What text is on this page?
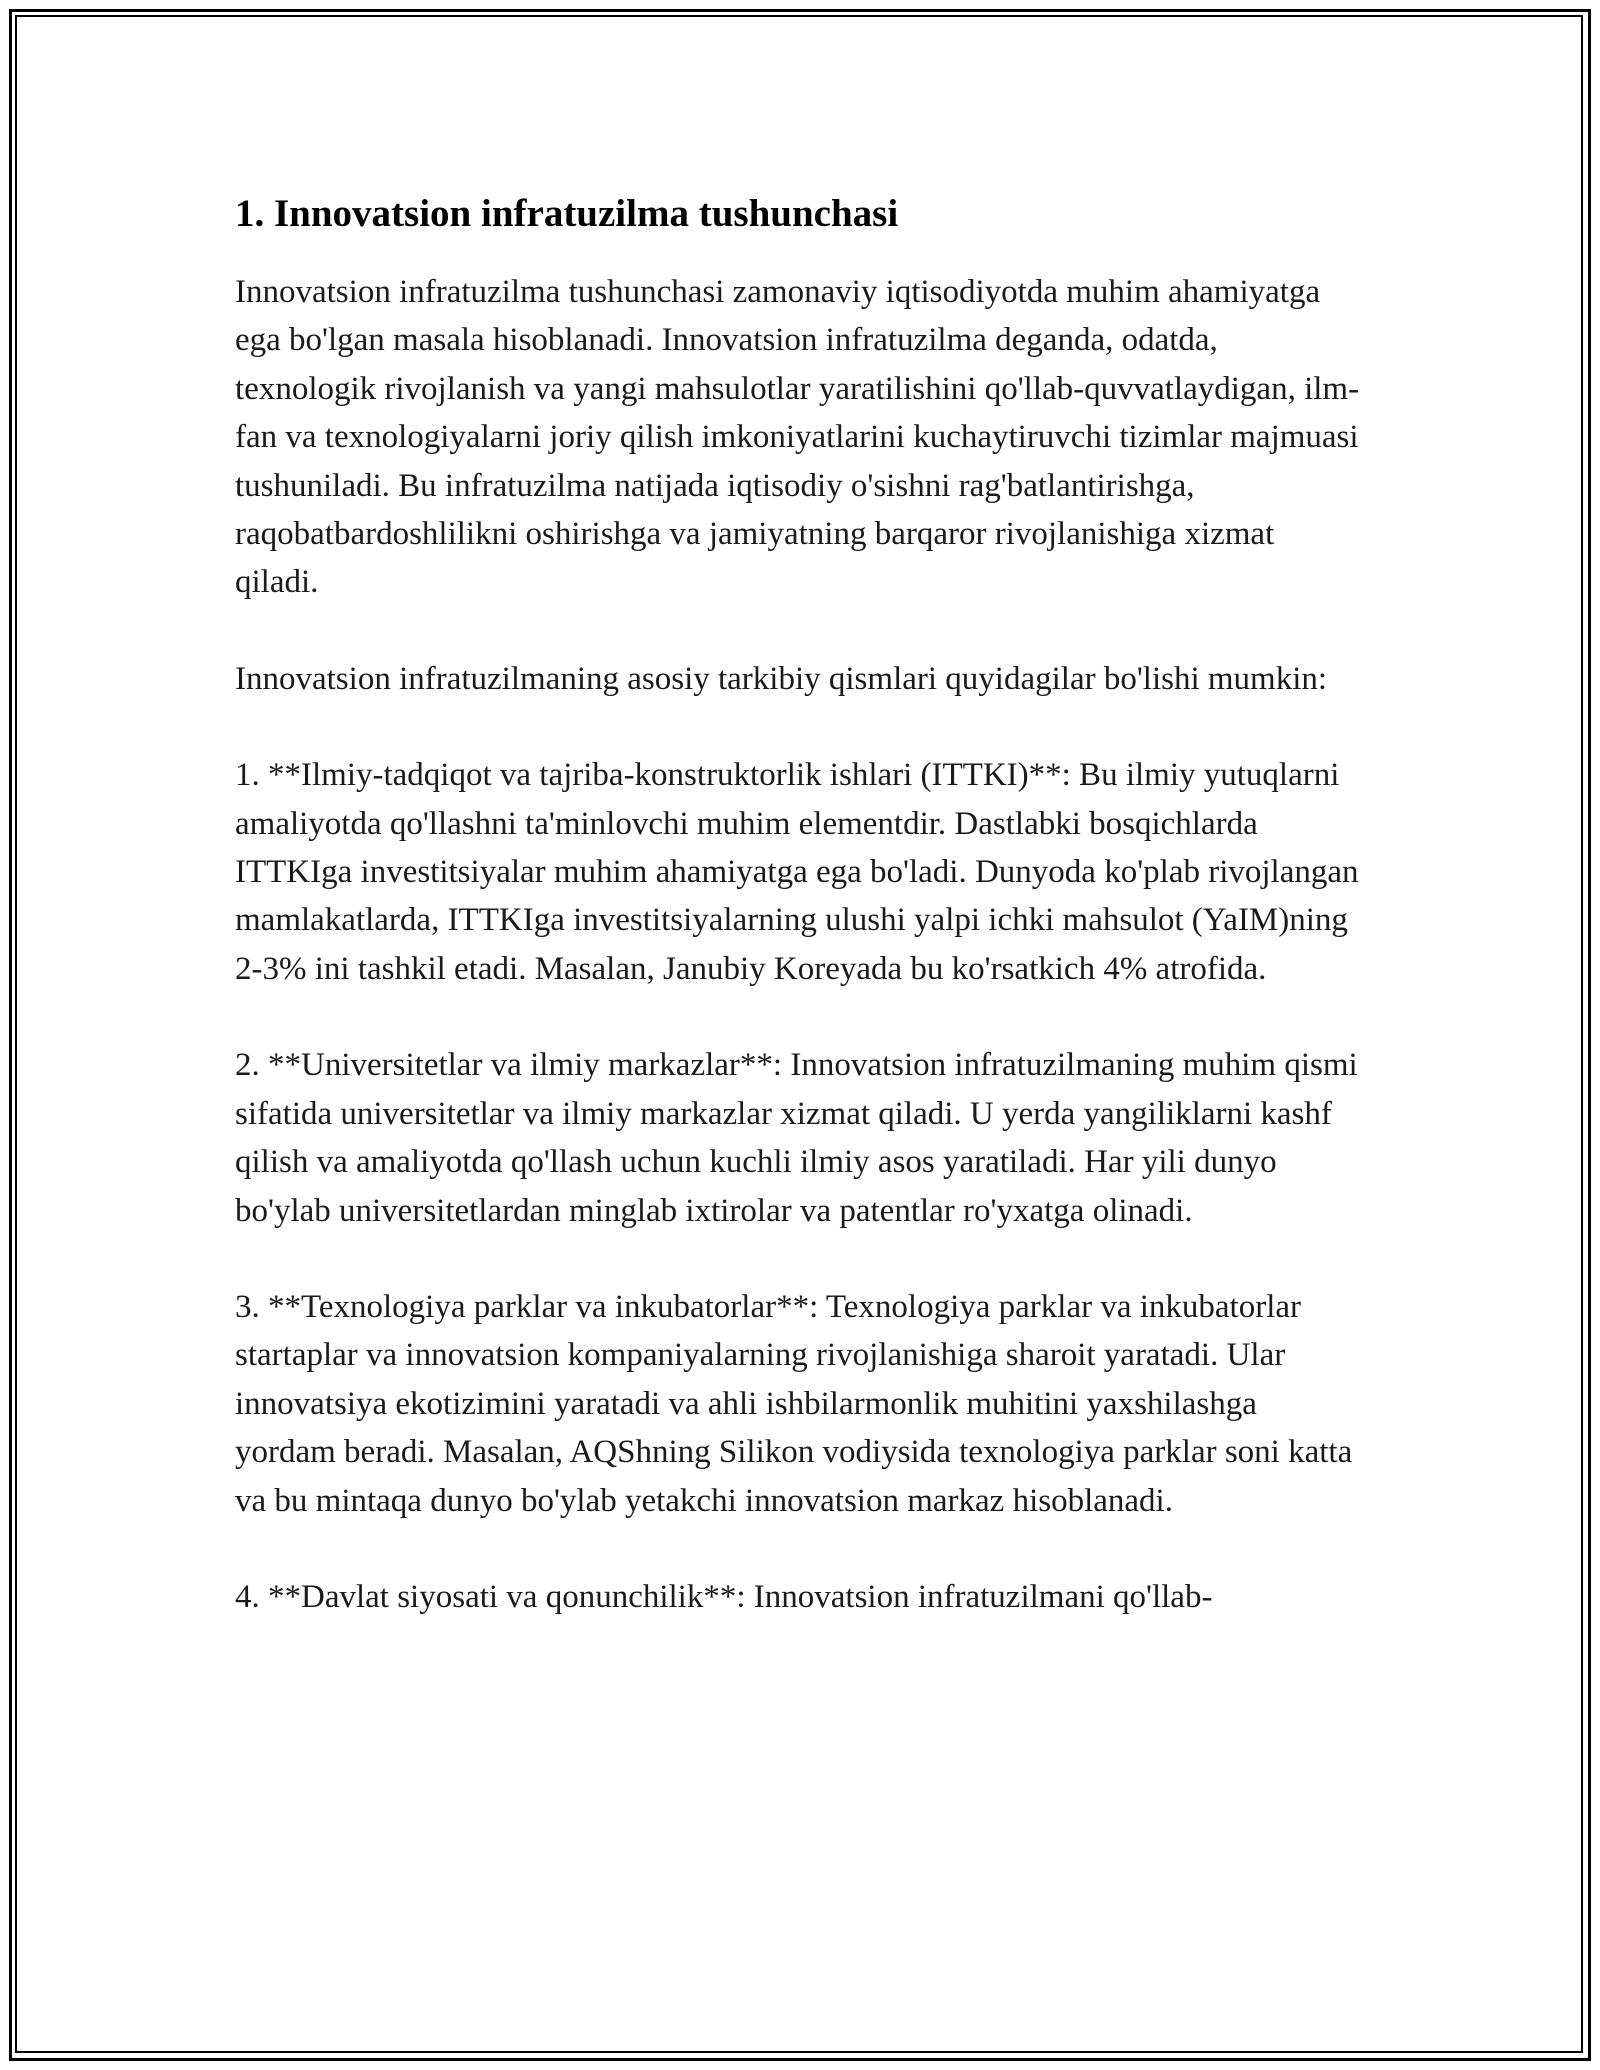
1. Innovatsion infratuzilma tushunchasi

Innovatsion infratuzilma tushunchasi zamonaviy iqtisodiyotda muhim ahamiyatga ega bo'lgan masala hisoblanadi. Innovatsion infratuzilma deganda, odatda, texnologik rivojlanish va yangi mahsulotlar yaratilishini qo'llab-quvvatlaydigan, ilm-fan va texnologiyalarni joriy qilish imkoniyatlarini kuchaytiruvchi tizimlar majmuasi tushuniladi. Bu infratuzilma natijada iqtisodiy o'sishni rag'batlantirishga, raqobatbardoshlilikni oshirishga va jamiyatning barqaror rivojlanishiga xizmat qiladi.

Innovatsion infratuzilmaning asosiy tarkibiy qismlari quyidagilar bo'lishi mumkin:

1. **Ilmiy-tadqiqot va tajriba-konstruktorlik ishlari (ITTKI)**: Bu ilmiy yutuqlarni amaliyotda qo'llashni ta'minlovchi muhim elementdir. Dastlabki bosqichlarda ITTKIga investitsiyalar muhim ahamiyatga ega bo'ladi. Dunyoda ko'plab rivojlangan mamlakatlarda, ITTKIga investitsiyalarning ulushi yalpi ichki mahsulot (YaIM)ning 2-3% ini tashkil etadi. Masalan, Janubiy Koreyada bu ko'rsatkich 4% atrofida.

2. **Universitetlar va ilmiy markazlar**: Innovatsion infratuzilmaning muhim qismi sifatida universitetlar va ilmiy markazlar xizmat qiladi. U yerda yangiliklarni kashf qilish va amaliyotda qo'llash uchun kuchli ilmiy asos yaratiladi. Har yili dunyo bo'ylab universitetlardan minglab ixtirolar va patentlar ro'yxatga olinadi.

3. **Texnologiya parklar va inkubatorlar**: Texnologiya parklar va inkubatorlar startaplar va innovatsion kompaniyalarning rivojlanishiga sharoit yaratadi. Ular innovatsiya ekotizimini yaratadi va ahli ishbilarmonlik muhitini yaxshilashga yordam beradi. Masalan, AQShning Silikon vodiysida texnologiya parklar soni katta va bu mintaqa dunyo bo'ylab yetakchi innovatsion markaz hisoblanadi.

4. **Davlat siyosati va qonunchilik**: Innovatsion infratuzilmani qo'llab-
